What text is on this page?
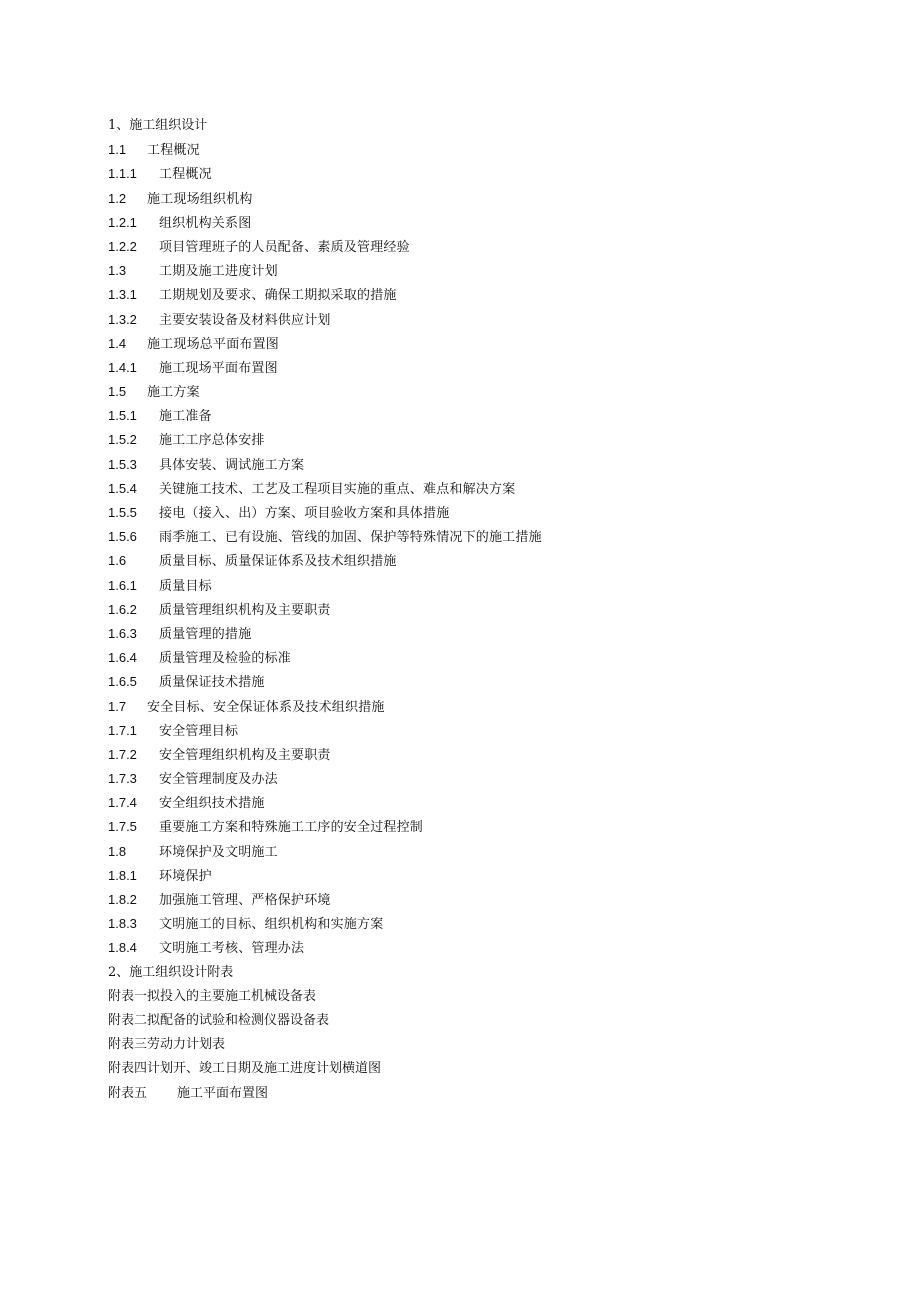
1、施工组织设计
1.1 工程概况
1.1.1 工程概况
1.2 施工现场组织机构
1.2.1 组织机构关系图
1.2.2 项目管理班子的人员配备、素质及管理经验
1.3	工期及施工进度计划
1.3.1 工期规划及要求、确保工期拟采取的措施
1.3.2 主要安装设备及材料供应计划
1.4 施工现场总平面布置图
1.4.1 施工现场平面布置图
1.5 施工方案
1.5.1 施工准备
1.5.2 施工工序总体安排
1.5.3 具体安装、调试施工方案
1.5.4 关键施工技术、工艺及工程项目实施的重点、难点和解决方案
1.5.5 接电（接入、出）方案、项目验收方案和具体措施
1.5.6 雨季施工、已有设施、管线的加固、保护等特殊情况下的施工措施
1.6	质量目标、质量保证体系及技术组织措施
1.6.1 质量目标
1.6.2 质量管理组织机构及主要职责
1.6.3 质量管理的措施
1.6.4 质量管理及检验的标准
1.6.5 质量保证技术措施
1.7 安全目标、安全保证体系及技术组织措施
1.7.1 安全管理目标
1.7.2 安全管理组织机构及主要职责
1.7.3 安全管理制度及办法
1.7.4 安全组织技术措施
1.7.5 重要施工方案和特殊施工工序的安全过程控制
1.8	环境保护及文明施工
1.8.1 环境保护
1.8.2 加强施工管理、严格保护环境
1.8.3 文明施工的目标、组织机构和实施方案
1.8.4 文明施工考核、管理办法
2、施工组织设计附表
附表一拟投入的主要施工机械设备表
附表二拟配备的试验和检测仪器设备表
附表三劳动力计划表
附表四计划开、竣工日期及施工进度计划横道图
附表五 施工平面布置图
